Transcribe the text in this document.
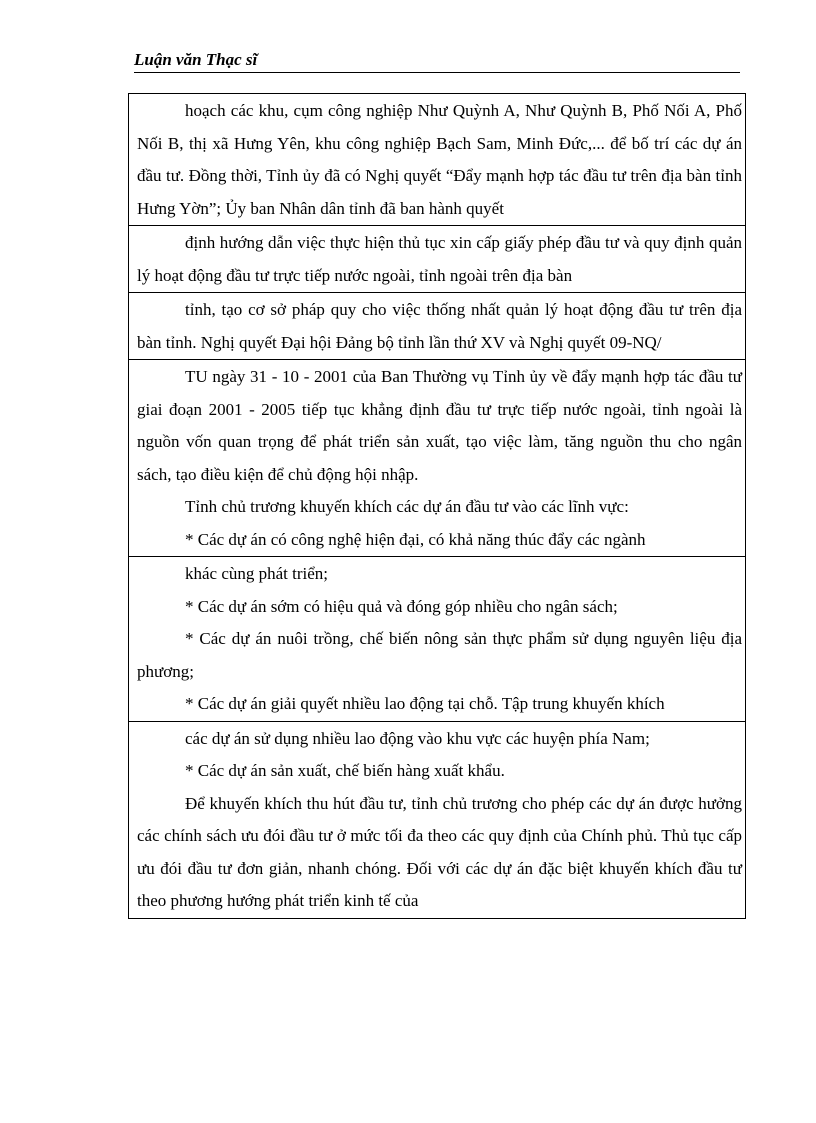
Luận văn Thạc sĩ

hoạch các khu, cụm công nghiệp Như Quỳnh A, Như Quỳnh B, Phố Nối A, Phố Nối B, thị xã Hưng Yên, khu công nghiệp Bạch Sam, Minh Đức,... để bố trí các dự án đầu tư. Đồng thời, Tỉnh ủy đã có Nghị quyết “Đẩy mạnh hợp tác đầu tư trên địa bàn tỉnh Hưng Yờn”; Ủy ban Nhân dân tỉnh đã ban hành quyết

định hướng dẫn việc thực hiện thủ tục xin cấp giấy phép đầu tư và quy định quản lý hoạt động đầu tư trực tiếp nước ngoài, tỉnh ngoài trên địa bàn

tỉnh, tạo cơ sở pháp quy cho việc thống nhất quản lý hoạt động đầu tư trên địa bàn tỉnh. Nghị quyết Đại hội Đảng bộ tỉnh lần thứ XV và Nghị quyết 09-NQ/

TU ngày 31 - 10 - 2001 của Ban Thường vụ Tỉnh ủy về đẩy mạnh hợp tác đầu tư giai đoạn 2001 - 2005 tiếp tục khẳng định đầu tư trực tiếp nước ngoài, tỉnh ngoài là nguồn vốn quan trọng để phát triển sản xuất, tạo việc làm, tăng nguồn thu cho ngân sách, tạo điều kiện để chủ động hội nhập.

Tỉnh chủ trương khuyến khích các dự án đầu tư vào các lĩnh vực:

* Các dự án có công nghệ hiện đại, có khả năng thúc đẩy các ngành

khác cùng phát triển;

* Các dự án sớm có hiệu quả và đóng góp nhiều cho ngân sách;

* Các dự án nuôi trồng, chế biến nông sản thực phẩm sử dụng nguyên liệu địa phương;

* Các dự án giải quyết nhiều lao động tại chỗ. Tập trung khuyến khích

các dự án sử dụng nhiều lao động vào khu vực các huyện phía Nam;

* Các dự án sản xuất, chế biến hàng xuất khẩu.

Để khuyến khích thu hút đầu tư, tỉnh chủ trương cho phép các dự án được hưởng các chính sách ưu đói đầu tư ở mức tối đa theo các quy định của Chính phủ. Thủ tục cấp ưu đói đầu tư đơn giản, nhanh chóng. Đối với các dự án đặc biệt khuyến khích đầu tư theo phương hướng phát triển kinh tế của
